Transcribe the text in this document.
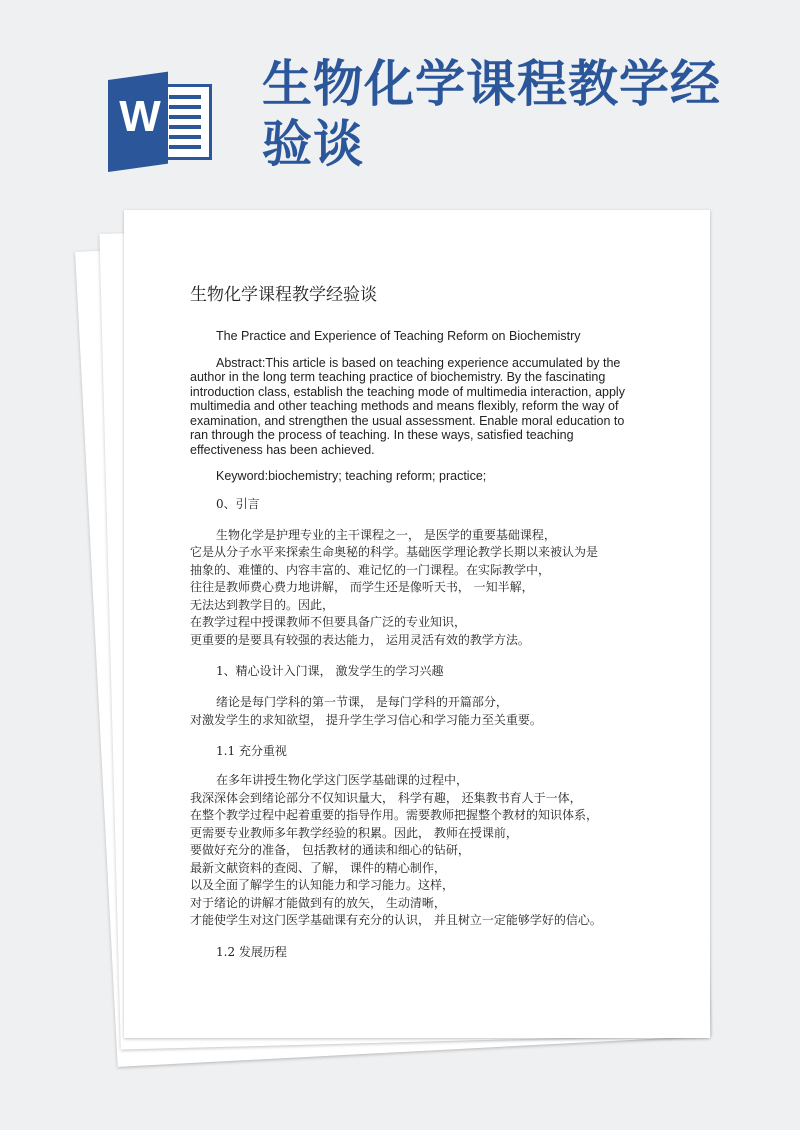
W
生物化学课程教学经验谈
生物化学课程教学经验谈
The Practice and Experience of Teaching Reform on Biochemistry
Abstract:This article is based on teaching experience accumulated by the author in the long term teaching practice of biochemistry. By the fascinating introduction class, establish the teaching mode of multimedia interaction, apply multimedia and other teaching methods and means flexibly, reform the way of examination, and strengthen the usual assessment. Enable moral education to ran through the process of teaching. In these ways, satisfied teaching effectiveness has been achieved.
Keyword:biochemistry; teaching reform; practice;
0、引言
生物化学是护理专业的主干课程之一， 是医学的重要基础课程，
它是从分子水平来探索生命奥秘的科学。基础医学理论教学长期以来被认为是
抽象的、难懂的、内容丰富的、难记忆的一门课程。在实际教学中，
往往是教师费心费力地讲解， 而学生还是像听天书， 一知半解，
无法达到教学目的。因此，
在教学过程中授课教师不但要具备广泛的专业知识，
更重要的是要具有较强的表达能力， 运用灵活有效的教学方法。
1、精心设计入门课， 激发学生的学习兴趣
绪论是每门学科的第一节课， 是每门学科的开篇部分，
对激发学生的求知欲望， 提升学生学习信心和学习能力至关重要。
1.1 充分重视
在多年讲授生物化学这门医学基础课的过程中，
我深深体会到绪论部分不仅知识量大， 科学有趣， 还集教书育人于一体，
在整个教学过程中起着重要的指导作用。需要教师把握整个教材的知识体系，
更需要专业教师多年教学经验的积累。因此， 教师在授课前，
要做好充分的准备， 包括教材的通读和细心的钻研，
最新文献资料的查阅、了解， 课件的精心制作，
以及全面了解学生的认知能力和学习能力。这样，
对于绪论的讲解才能做到有的放矢， 生动清晰，
才能使学生对这门医学基础课有充分的认识， 并且树立一定能够学好的信心。
1.2 发展历程
